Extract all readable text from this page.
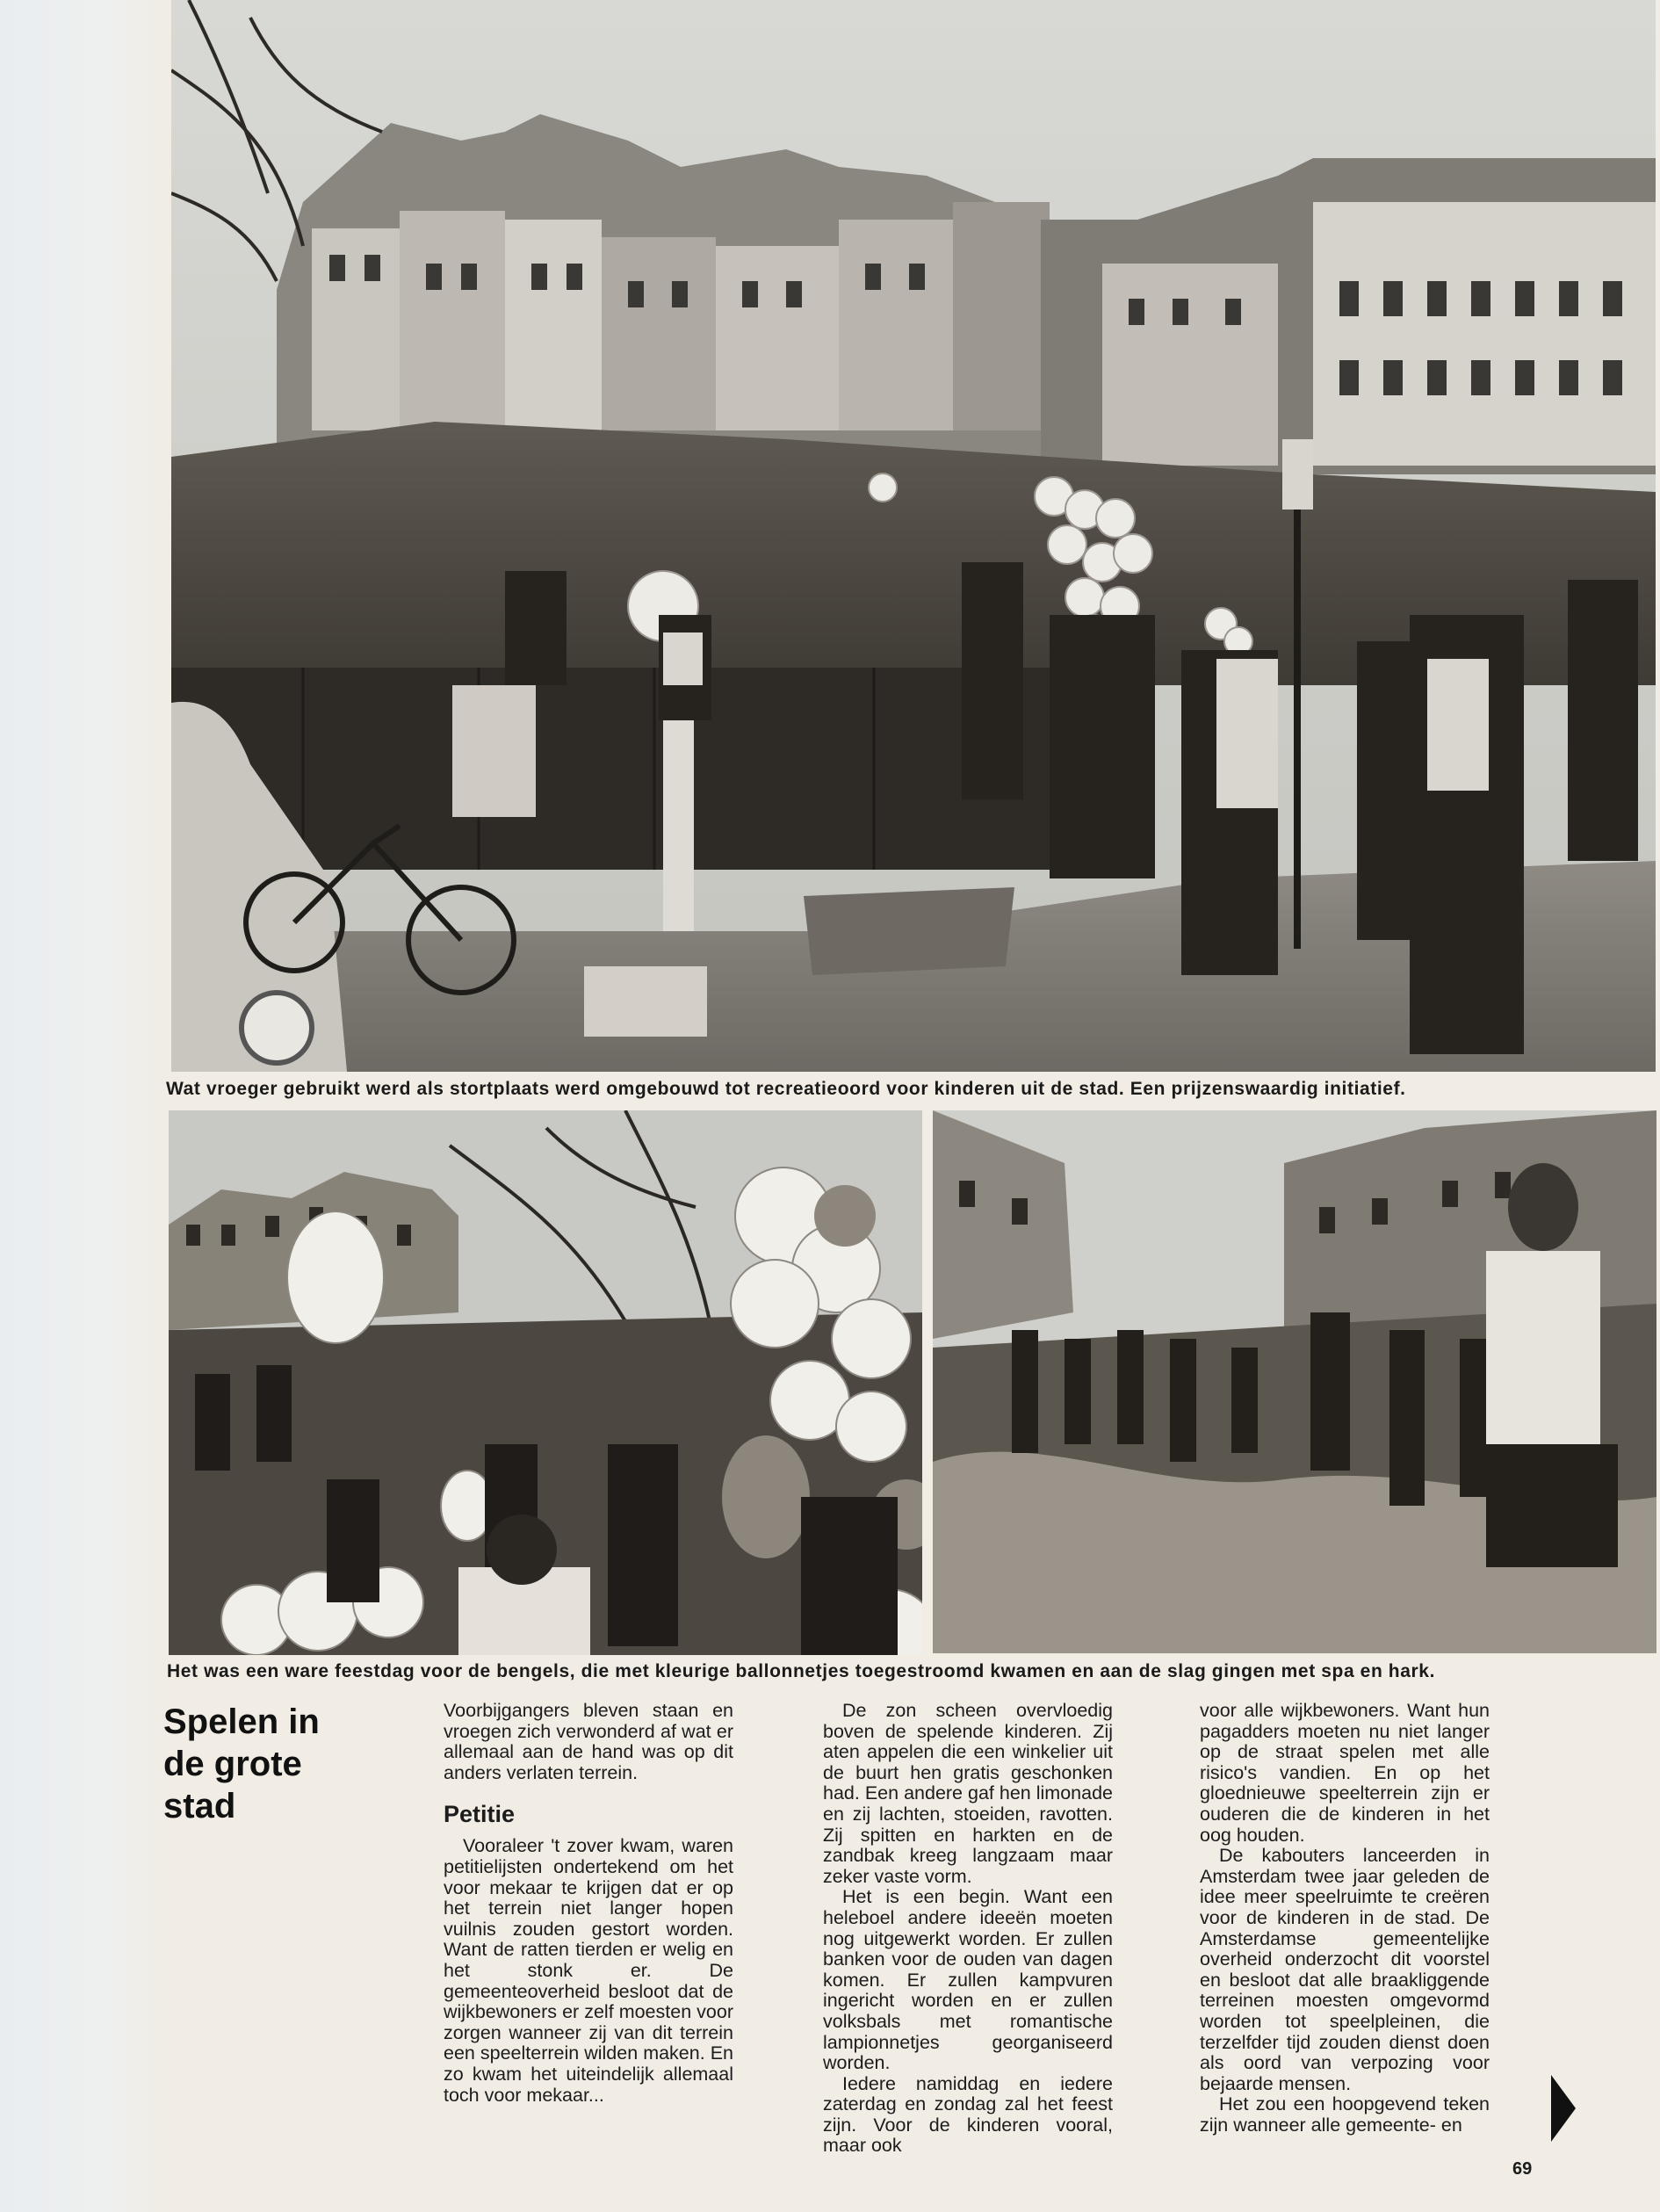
Wat vroeger gebruikt werd als stortplaats werd omgebouwd tot recreatieoord voor kinderen uit de stad. Een prijzenswaardig initiatief.
Het was een ware feestdag voor de bengels, die met kleurige ballonnetjes toegestroomd kwamen en aan de slag gingen met spa en hark.
Spelen in
de grote
stad

Voorbijgangers bleven staan en vroegen zich verwonderd af wat er allemaal aan de hand was op dit anders verlaten terrein.

Petitie

Vooraleer 't zover kwam, waren petitielijsten ondertekend om het voor mekaar te krijgen dat er op het terrein niet langer hopen vuilnis zouden gestort worden. Want de ratten tierden er welig en het stonk er. De gemeenteoverheid besloot dat de wijkbewoners er zelf moesten voor zorgen wanneer zij van dit terrein een speelterrein wilden maken. En zo kwam het uiteindelijk allemaal toch voor mekaar...

De zon scheen overvloedig boven de spelende kinderen. Zij aten appelen die een winkelier uit de buurt hen gratis geschonken had. Een andere gaf hen limonade en zij lachten, stoeiden, ravotten. Zij spitten en harkten en de zandbak kreeg langzaam maar zeker vaste vorm.

Het is een begin. Want een heleboel andere ideeën moeten nog uitgewerkt worden. Er zullen banken voor de ouden van dagen komen. Er zullen kampvuren ingericht worden en er zullen volksbals met romantische lampionnetjes georganiseerd worden.

Iedere namiddag en iedere zaterdag en zondag zal het feest zijn. Voor de kinderen vooral, maar ook

voor alle wijkbewoners. Want hun pagadders moeten nu niet langer op de straat spelen met alle risico's vandien. En op het gloednieuwe speelterrein zijn er ouderen die de kinderen in het oog houden.

De kabouters lanceerden in Amsterdam twee jaar geleden de idee meer speelruimte te creëren voor de kinderen in de stad. De Amsterdamse gemeentelijke overheid onderzocht dit voorstel en besloot dat alle braakliggende terreinen moesten omgevormd worden tot speelpleinen, die terzelfder tijd zouden dienst doen als oord van verpozing voor bejaarde mensen.

Het zou een hoopgevend teken zijn wanneer alle gemeente- en

69
